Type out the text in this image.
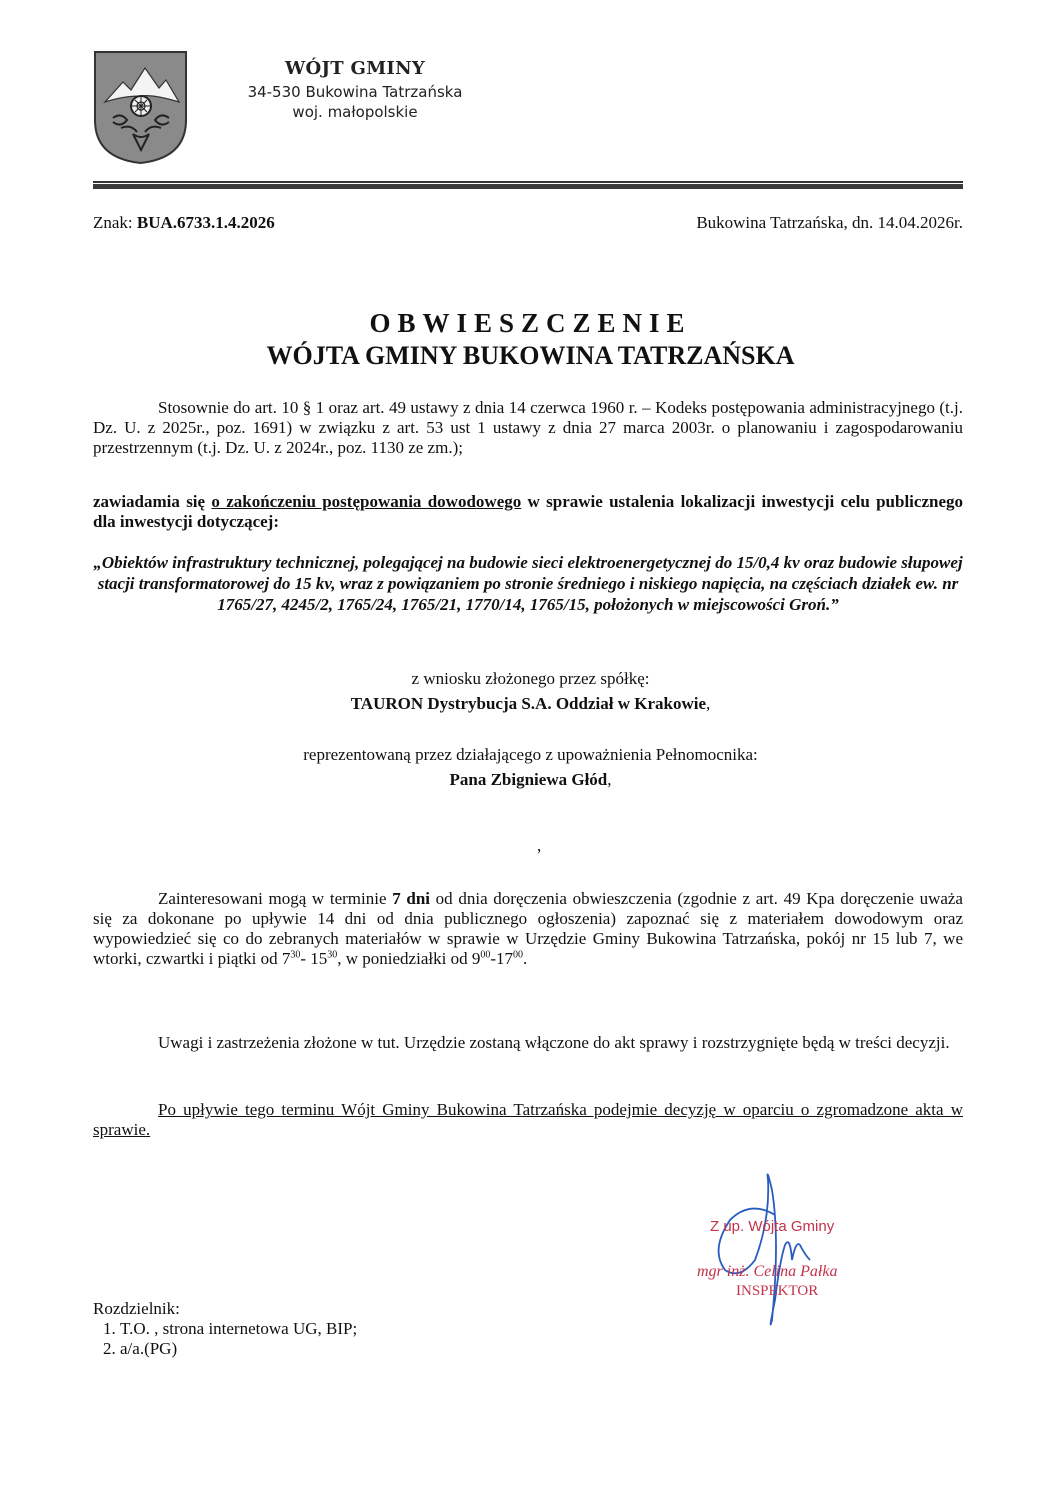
WÓJT GMINY
34-530 Bukowina Tatrzańska
woj. małopolskie
Znak: BUA.6733.1.4.2026	Bukowina Tatrzańska, dn. 14.04.2026r.
OBWIESZCZENIE
WÓJTA GMINY BUKOWINA TATRZAŃSKA
Stosownie do art. 10 § 1 oraz art. 49 ustawy z dnia 14 czerwca 1960 r. – Kodeks postępowania administracyjnego (t.j. Dz. U. z 2025r., poz. 1691) w związku z art. 53 ust 1 ustawy z dnia 27 marca 2003r. o planowaniu i zagospodarowaniu przestrzennym (t.j. Dz. U. z 2024r., poz. 1130 ze zm.);
zawiadamia się o zakończeniu postępowania dowodowego w sprawie ustalenia lokalizacji inwestycji celu publicznego dla inwestycji dotyczącej:
„Obiektów infrastruktury technicznej, polegającej na budowie sieci elektroenergetycznej do 15/0,4 kv oraz budowie słupowej stacji transformatorowej do 15 kv, wraz z powiązaniem po stronie średniego i niskiego napięcia, na częściach działek ew. nr 1765/27, 4245/2, 1765/24, 1765/21, 1770/14, 1765/15, położonych w miejscowości Groń.”
z wniosku złożonego przez spółkę:
TAURON Dystrybucja S.A. Oddział w Krakowie,
reprezentowaną przez działającego z upoważnienia Pełnomocnika:
Pana Zbigniewa Głód,
,
Zainteresowani mogą w terminie 7 dni od dnia doręczenia obwieszczenia (zgodnie z art. 49 Kpa doręczenie uważa się za dokonane po upływie 14 dni od dnia publicznego ogłoszenia) zapoznać się z materiałem dowodowym oraz wypowiedzieć się co do zebranych materiałów w sprawie w Urzędzie Gminy Bukowina Tatrzańska, pokój nr 15 lub 7, we wtorki, czwartki i piątki od $7^{30}-$ $15^{30}$, w poniedziałki od $9^{00}-17^{00}$.
Uwagi i zastrzeżenia złożone w tut. Urzędzie zostaną włączone do akt sprawy i rozstrzygnięte będą w treści decyzji.
Po upływie tego terminu Wójt Gminy Bukowina Tatrzańska podejmie decyzję w oparciu o zgromadzone akta w sprawie.
Z up. Wójta Gminy
mgr inż. Celina Pałka
INSPEKTOR
Rozdzielnik:
1. T.O. , strona internetowa UG, BIP;
2. a/a.(PG)
